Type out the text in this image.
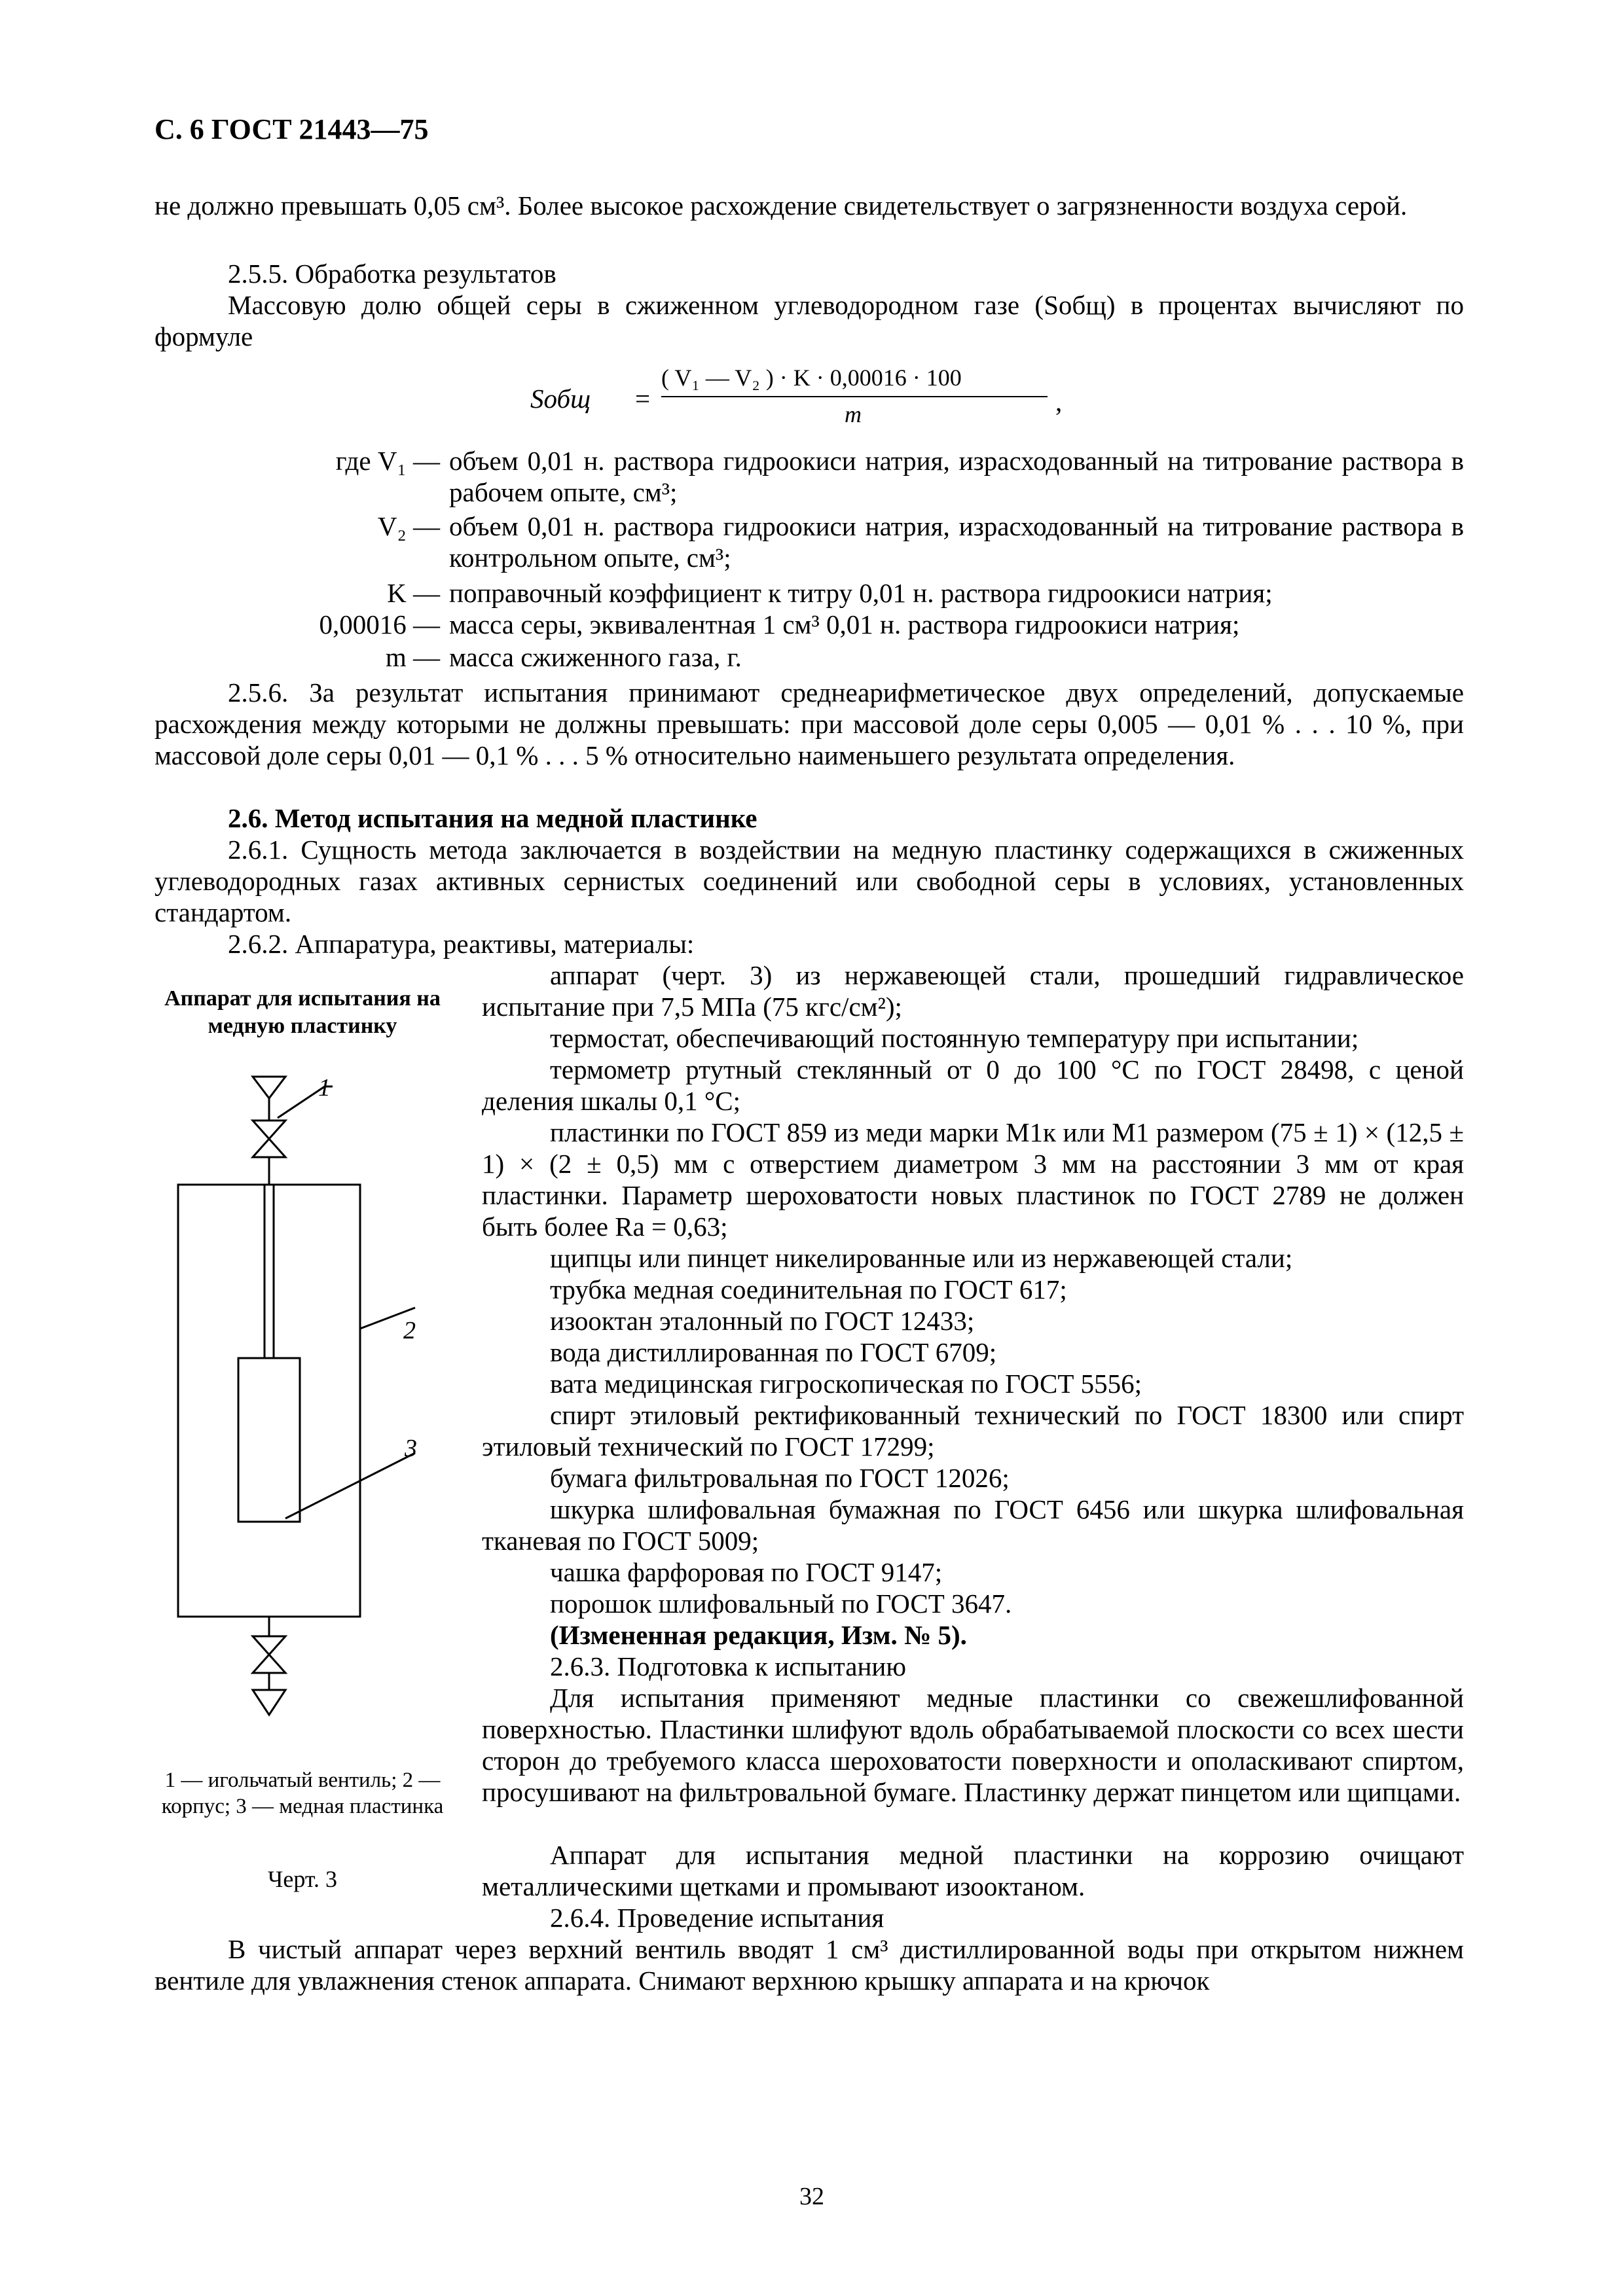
С. 6 ГОСТ 21443—75

не должно превышать 0,05 см³. Более высокое расхождение свидетельствует о загрязненности воздуха серой.

2.5.5. Обработка результатов

Массовую долю общей серы в сжиженном углеводородном газе (Sобщ) в процентах вычисляют по формуле

Sобщ =
( V₁ — V₂ ) · K · 0,00016 · 100
m	,
где V₁ — объем 0,01 н. раствора гидроокиси натрия, израсходованный на титрование раствора в рабочем опыте, см³;
V₂ — объем 0,01 н. раствора гидроокиси натрия, израсходованный на титрование раствора в контрольном опыте, см³;
K — поправочный коэффициент к титру 0,01 н. раствора гидроокиси натрия;
0,00016 — масса серы, эквивалентная 1 см³ 0,01 н. раствора гидроокиси натрия;
m — масса сжиженного газа, г.

2.5.6. За результат испытания принимают среднеарифметическое двух определений, допускаемые расхождения между которыми не должны превышать: при массовой доле серы 0,005 — 0,01 % . . . 10 %, при массовой доле серы 0,01 — 0,1 % . . . 5 % относительно наименьшего результата определения.

2.6. Метод испытания на медной пластинке

2.6.1. Сущность метода заключается в воздействии на медную пластинку содержащихся в сжиженных углеводородных газах активных сернистых соединений или свободной серы в условиях, установленных стандартом.

2.6.2. Аппаратура, реактивы, материалы:

аппарат (черт. 3) из нержавеющей стали, прошедший гидравлическое испытание при 7,5 МПа (75 кгс/см²);

термостат, обеспечивающий постоянную температуру при испытании;

термометр ртутный стеклянный от 0 до 100 °С по ГОСТ 28498, с ценой деления шкалы 0,1 °С;

пластинки по ГОСТ 859 из меди марки М1к или М1 размером (75 ± 1) × (12,5 ± 1) × (2 ± 0,5) мм с отверстием диаметром 3 мм на расстоянии 3 мм от края пластинки. Параметр шероховатости новых пластинок по ГОСТ 2789 не должен быть более Ra = 0,63;

щипцы или пинцет никелированные или из нержавеющей стали;

трубка медная соединительная по ГОСТ 617;

изооктан эталонный по ГОСТ 12433;

вода дистиллированная по ГОСТ 6709;

вата медицинская гигроскопическая по ГОСТ 5556;

спирт этиловый ректификованный технический по ГОСТ 18300 или спирт этиловый технический по ГОСТ 17299;

бумага фильтровальная по ГОСТ 12026;

шкурка шлифовальная бумажная по ГОСТ 6456 или шкурка шлифовальная тканевая по ГОСТ 5009;

чашка фарфоровая по ГОСТ 9147;

порошок шлифовальный по ГОСТ 3647.

(Измененная редакция, Изм. № 5).

2.6.3. Подготовка к испытанию

Для испытания применяют медные пластинки со свежешлифованной поверхностью. Пластинки шлифуют вдоль обрабатываемой плоскости со всех шести сторон до требуемого класса шероховатости поверхности и ополаскивают спиртом, просушивают на фильтровальной бумаге. Пластинку держат пинцетом или щипцами.

Аппарат для испытания медной пластинки на коррозию очищают металлическими щетками и промывают изооктаном.

2.6.4. Проведение испытания

В чистый аппарат через верхний вентиль вводят 1 см³ дистиллированной воды при открытом нижнем вентиле для увлажнения стенок аппарата. Снимают верхнюю крышку аппарата и на крючок

Аппарат для испытания на медную пластинку

1
2
3

1 — игольчатый вентиль; 2 — корпус; 3 — медная пластинка

Черт. 3

32
